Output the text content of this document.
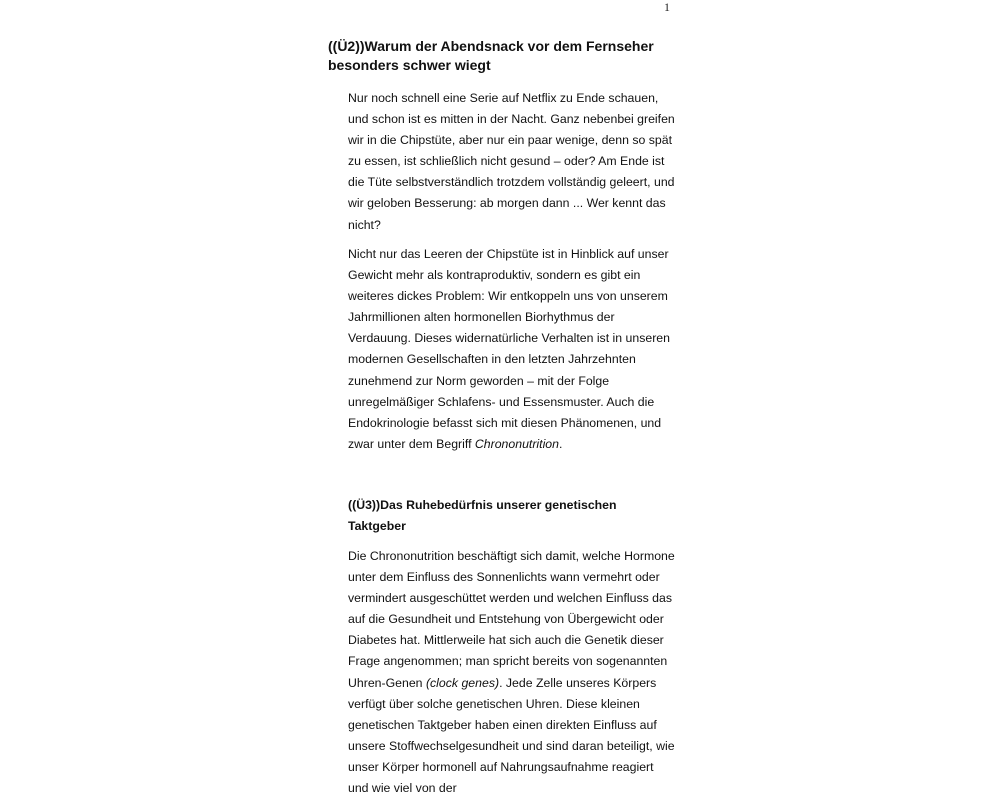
1
((Ü2))Warum der Abendsnack vor dem Fernseher besonders schwer wiegt

Nur noch schnell eine Serie auf Netflix zu Ende schauen, und schon ist es mitten in der Nacht. Ganz nebenbei greifen wir in die Chipstüte, aber nur ein paar wenige, denn so spät zu essen, ist schließlich nicht gesund – oder? Am Ende ist die Tüte selbstverständlich trotzdem vollständig geleert, und wir geloben Besserung: ab morgen dann ... Wer kennt das nicht?

Nicht nur das Leeren der Chipstüte ist in Hinblick auf unser Gewicht mehr als kontraproduktiv, sondern es gibt ein weiteres dickes Problem: Wir entkoppeln uns von unserem Jahrmillionen alten hormonellen Biorhythmus der Verdauung. Dieses widernatürliche Verhalten ist in unseren modernen Gesellschaften in den letzten Jahrzehnten zunehmend zur Norm geworden – mit der Folge unregelmäßiger Schlafens- und Essensmuster. Auch die Endokrinologie befasst sich mit diesen Phänomenen, und zwar unter dem Begriff Chrononutrition.

((Ü3))Das Ruhebedürfnis unserer genetischen Taktgeber

Die Chrononutrition beschäftigt sich damit, welche Hormone unter dem Einfluss des Sonnenlichts wann vermehrt oder vermindert ausgeschüttet werden und welchen Einfluss das auf die Gesundheit und Entstehung von Übergewicht oder Diabetes hat. Mittlerweile hat sich auch die Genetik dieser Frage angenommen; man spricht bereits von sogenannten Uhren-Genen (clock genes). Jede Zelle unseres Körpers verfügt über solche genetischen Uhren. Diese kleinen genetischen Taktgeber haben einen direkten Einfluss auf unsere Stoffwechselgesundheit und sind daran beteiligt, wie unser Körper hormonell auf Nahrungsaufnahme reagiert und wie viel von der
